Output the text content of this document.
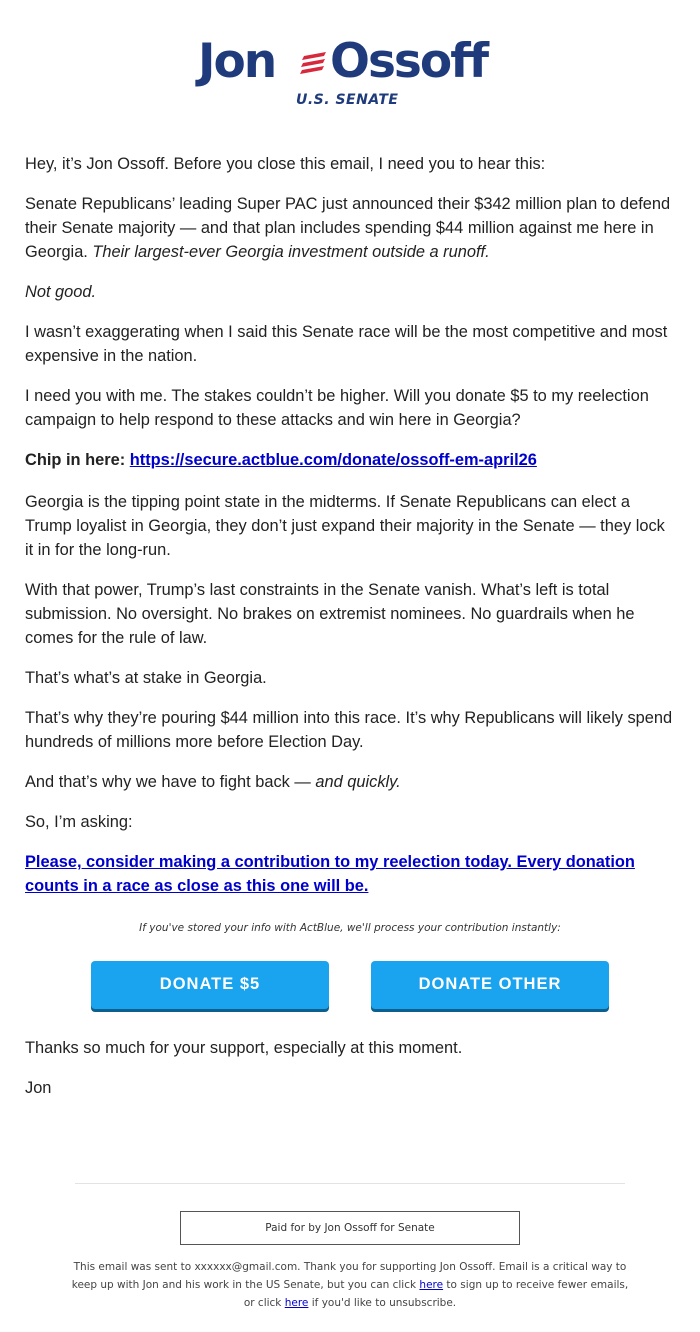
Jon Ossoff
U.S. SENATE

Hey, it’s Jon Ossoff. Before you close this email, I need you to hear this:

Senate Republicans’ leading Super PAC just announced their $342 million plan to defend their Senate majority — and that plan includes spending $44 million against me here in Georgia. Their largest-ever Georgia investment outside a runoff.

Not good.

I wasn’t exaggerating when I said this Senate race will be the most competitive and most expensive in the nation.

I need you with me. The stakes couldn’t be higher. Will you donate $5 to my reelection campaign to help respond to these attacks and win here in Georgia?

Chip in here: https://secure.actblue.com/donate/ossoff-em-april26

Georgia is the tipping point state in the midterms. If Senate Republicans can elect a Trump loyalist in Georgia, they don’t just expand their majority in the Senate — they lock it in for the long-run.

With that power, Trump’s last constraints in the Senate vanish. What’s left is total submission. No oversight. No brakes on extremist nominees. No guardrails when he comes for the rule of law.

That’s what’s at stake in Georgia.

That’s why they’re pouring $44 million into this race. It’s why Republicans will likely spend hundreds of millions more before Election Day.

And that’s why we have to fight back — and quickly.

So, I’m asking:

Please, consider making a contribution to my reelection today. Every donation counts in a race as close as this one will be.

If you've stored your info with ActBlue, we'll process your contribution instantly:
DONATE $5	DONATE OTHER

Thanks so much for your support, especially at this moment.

Jon

Paid for by Jon Ossoff for Senate
This email was sent to xxxxxx@gmail.com. Thank you for supporting Jon Ossoff. Email is a critical way to keep up with Jon and his work in the US Senate, but you can click here to sign up to receive fewer emails, or click here if you'd like to unsubscribe.
